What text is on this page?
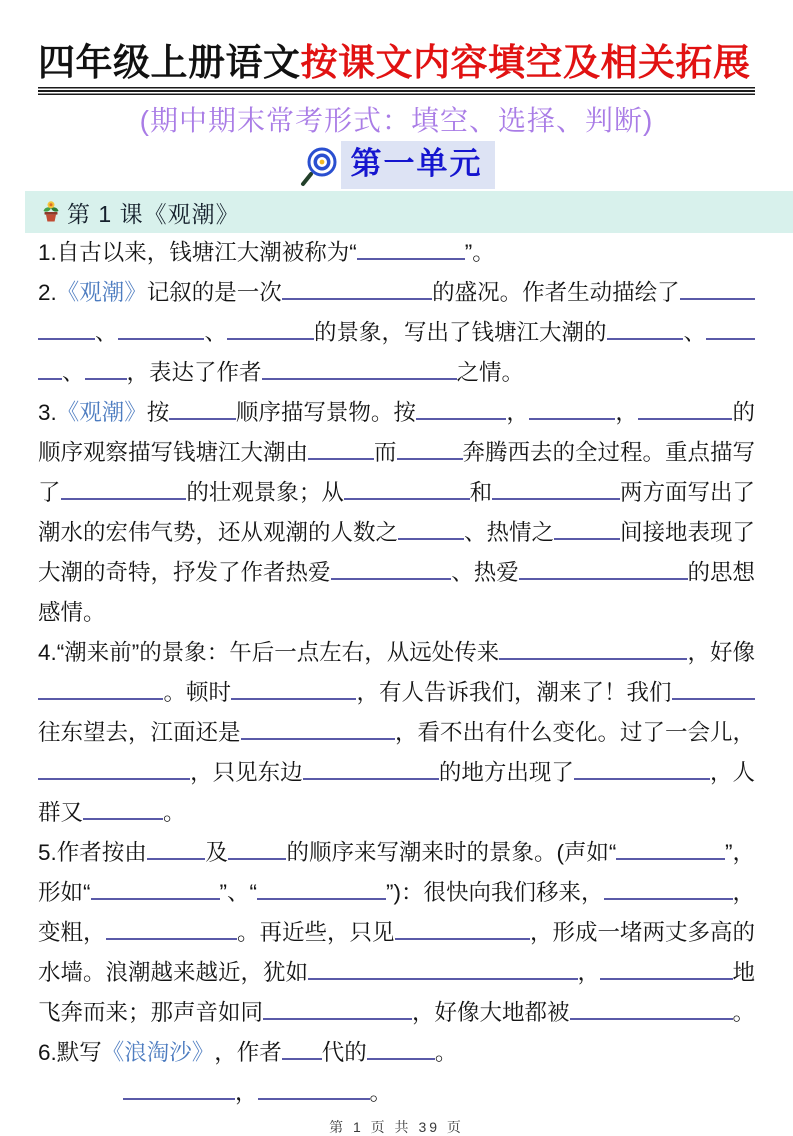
四年级上册语文按课文内容填空及相关拓展
(期中期末常考形式：填空、选择、判断)
第一单元
第 1 课《观潮》
1.自古以来，钱塘江大潮被称为“	”。
2. 《观潮》 记叙的是一次	的盛况。作者生动描绘了
、	、	的景象，写出了钱塘江大潮的	、
、 ，表达了作者	之情。
3. 《观潮》 按	顺序描写景物。按	，	，	的
顺序观察描写钱塘江大潮由	而	奔腾西去的全过程。重点描写
了	的壮观景象；从	和	两方面写出了
潮水的宏伟气势，还从观潮的人数之	、热情之	间接地表现了
大潮的奇特，抒发了作者热爱	、热爱	的思想
感情。
4.“潮来前”的景象：午后一点左右，从远处传来	，好像
。顿时	，有人告诉我们，潮来了！我们
往东望去，江面还是	，看不出有什么变化。过了一会儿，
，只见东边	的地方出现了	，人
群又	。
5.作者按由	及	的顺序来写潮来时的景象。(声如“	”，
形如“	”、“	”)：很快向我们移来，	，
变粗，	。再近些，只见	，形成一堵两丈多高的
水墙。浪潮越来越近，犹如	，	地
飞奔而来；那声音如同	，好像大地都被	。
6.默写 《浪淘沙》 ，作者 代的	。
，	。
第 1 页 共 39 页
